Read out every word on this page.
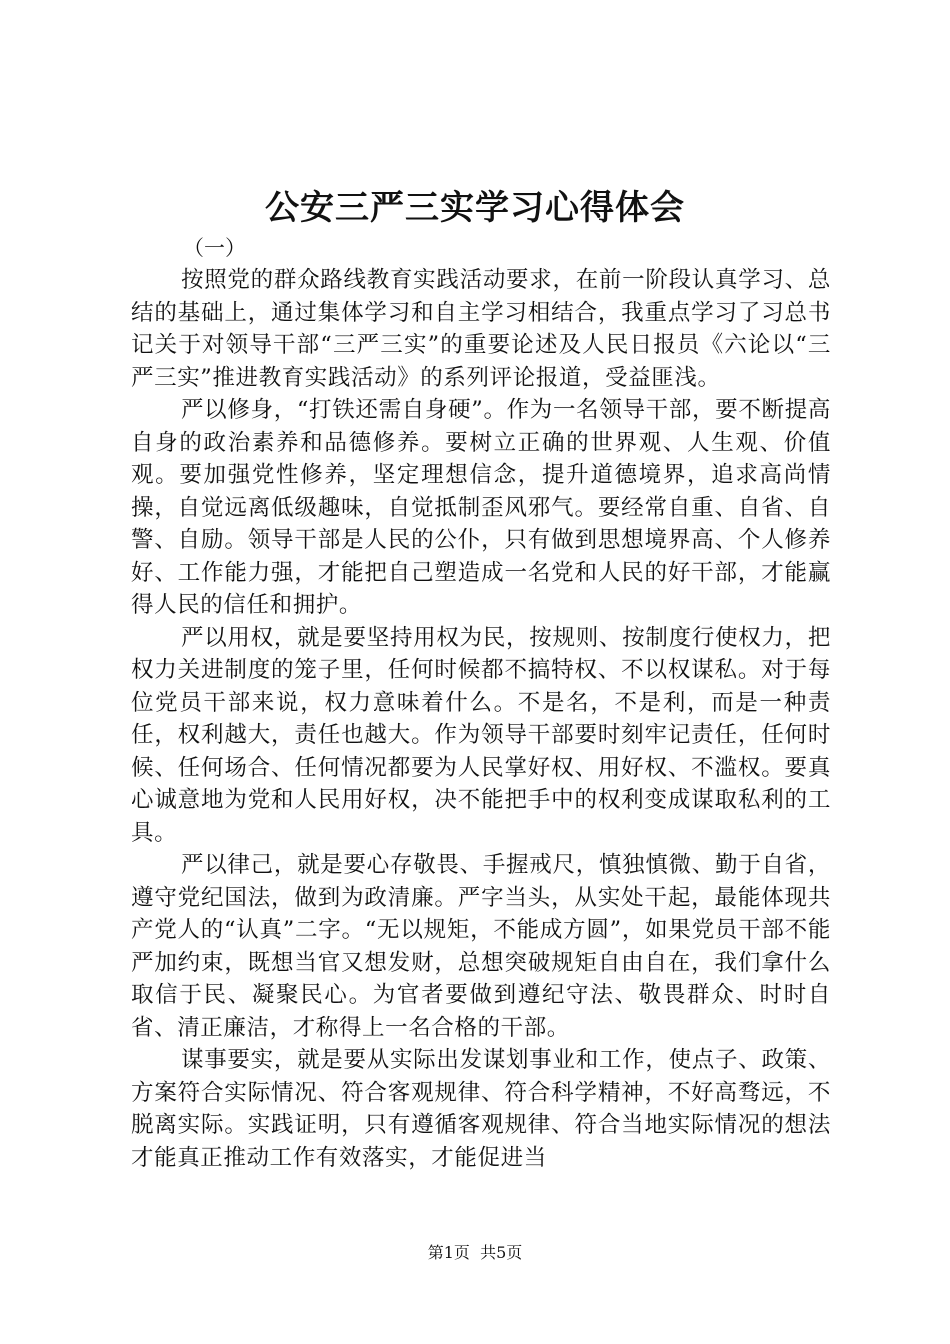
公安三严三实学习心得体会

（一）

按照党的群众路线教育实践活动要求，在前一阶段认真学习、总结的基础上，通过集体学习和自主学习相结合，我重点学习了习总书记关于对领导干部“三严三实”的重要论述及人民日报员《六论以“三严三实”推进教育实践活动》的系列评论报道，受益匪浅。

严以修身，“打铁还需自身硬”。作为一名领导干部，要不断提高自身的政治素养和品德修养。要树立正确的世界观、人生观、价值观。要加强党性修养，坚定理想信念，提升道德境界，追求高尚情操，自觉远离低级趣味，自觉抵制歪风邪气。要经常自重、自省、自警、自励。领导干部是人民的公仆，只有做到思想境界高、个人修养好、工作能力强，才能把自己塑造成一名党和人民的好干部，才能赢得人民的信任和拥护。

严以用权，就是要坚持用权为民，按规则、按制度行使权力，把权力关进制度的笼子里，任何时候都不搞特权、不以权谋私。对于每位党员干部来说，权力意味着什么。不是名，不是利，而是一种责任，权利越大，责任也越大。作为领导干部要时刻牢记责任，任何时候、任何场合、任何情况都要为人民掌好权、用好权、不滥权。要真心诚意地为党和人民用好权，决不能把手中的权利变成谋取私利的工具。

严以律己，就是要心存敬畏、手握戒尺，慎独慎微、勤于自省，遵守党纪国法，做到为政清廉。严字当头，从实处干起，最能体现共产党人的“认真”二字。“无以规矩，不能成方圆”，如果党员干部不能严加约束，既想当官又想发财，总想突破规矩自由自在，我们拿什么取信于民、凝聚民心。为官者要做到遵纪守法、敬畏群众、时时自省、清正廉洁，才称得上一名合格的干部。

谋事要实，就是要从实际出发谋划事业和工作，使点子、政策、方案符合实际情况、符合客观规律、符合科学精神，不好高骛远，不脱离实际。实践证明，只有遵循客观规律、符合当地实际情况的想法才能真正推动工作有效落实，才能促进当

第1页  共5页
